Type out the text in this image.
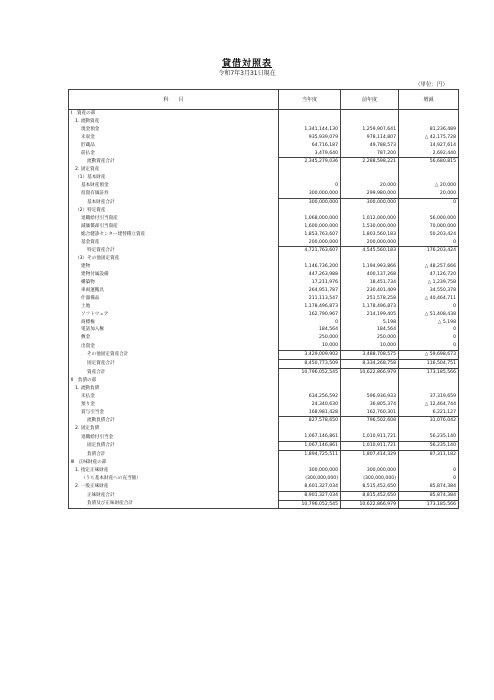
貸借対照表
令和7年3月31日現在
（単位：円）
科　　目	当年度	前年度	増減
Ⅰ　資産の部			
1. 流動資産			
現金預金	1,341,144,130	1,259,907,641	81,236,489
未収金	935,939,079	978,114,807	△ 42,175,728
貯蔵品	64,716,187	49,788,573	14,927,614
前払金	3,479,640	787,200	2,692,440
流動資産合計	2,345,279,036	2,288,598,221	56,680,815
2. 固定資産			
（1）基本財産			
基本財産預金	0	20,000	△ 20,000
投資有価証券	300,000,000	299,980,000	20,000
基本財産合計	300,000,000	300,000,000	0
（2）特定資産			
退職給付引当資産	1,068,000,000	1,012,000,000	56,000,000
減価償却引当資産	1,600,000,000	1,530,000,000	70,000,000
総合健診センター建替積立資産	1,853,763,607	1,803,560,183	50,203,424
基金資産	200,000,000	200,000,000	0
特定資産合計	4,721,763,607	4,545,560,183	176,203,424
（3）その他固定資産			
建物	1,146,736,200	1,194,993,866	△ 48,257,666
建物付属設備	447,263,988	400,137,268	47,126,720
構築物	17,211,976	18,451,734	△ 1,239,758
車両運搬具	264,951,787	230,401,409	34,550,378
什器備品	211,113,547	251,578,258	△ 40,464,711
土地	1,178,496,873	1,178,496,873	0
ソフトウェア	162,790,967	214,199,405	△ 51,408,438
商標権	0	5,198	△ 5,198
電話加入権	184,564	184,564	0
敷金	250,000	250,000	0
出資金	10,000	10,000	0
その他固定資産合計	3,429,009,902	3,488,708,575	△ 59,698,673
固定資産合計	8,450,773,509	8,334,268,758	116,504,751
資産合計	10,796,052,545	10,622,866,979	173,185,566
Ⅱ　負債の部			
1. 流動負債			
未払金	634,256,592	596,936,933	37,319,659
預り金	24,340,630	36,805,374	△ 12,464,744
賞与引当金	168,981,428	162,760,301	6,221,127
流動負債合計	827,578,650	796,502,608	31,076,042
2. 固定負債			
退職給付引当金	1,067,146,861	1,010,911,721	56,235,140
固定負債合計	1,067,146,861	1,010,911,721	56,235,140
負債合計	1,894,725,511	1,807,414,329	87,311,182
Ⅲ　正味財産の部			
1. 指定正味財産	300,000,000	300,000,000	0
（うち基本財産への充当額）	(300,000,000)	(300,000,000)	0
2. 一般正味財産	8,601,327,034	8,515,452,650	85,874,384
正味財産合計	8,901,327,034	8,815,452,650	85,874,384
負債及び正味財産合計	10,796,052,545	10,622,866,979	173,185,566
